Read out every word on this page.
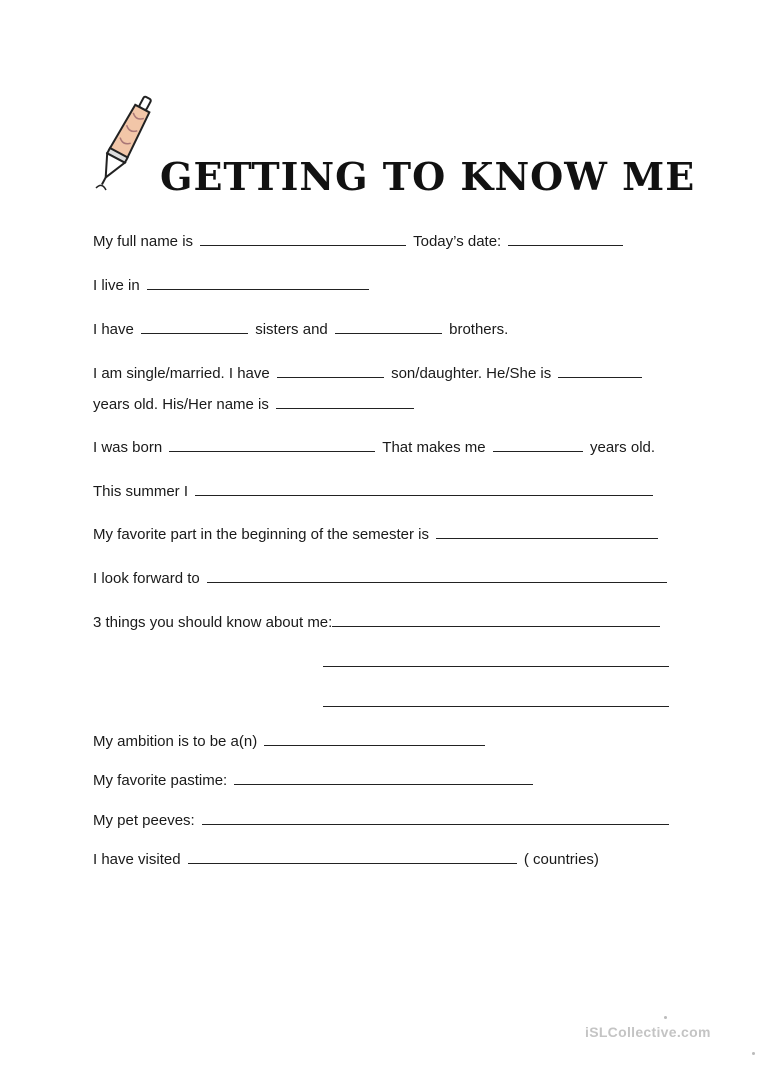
GETTING TO KNOW ME
My full name is	Today’s date:
I live in
I have	sisters and	brothers.
I am single/married. I have	son/daughter. He/She is
years old. His/Her name is
I was born	That makes me	years old.
This summer I
My favorite part in the beginning of the semester is
I look forward to
3 things you should know about me:
My ambition is to be a(n)
My favorite pastime:
My pet peeves:
I have visited	( countries)
iSLCollective.com
